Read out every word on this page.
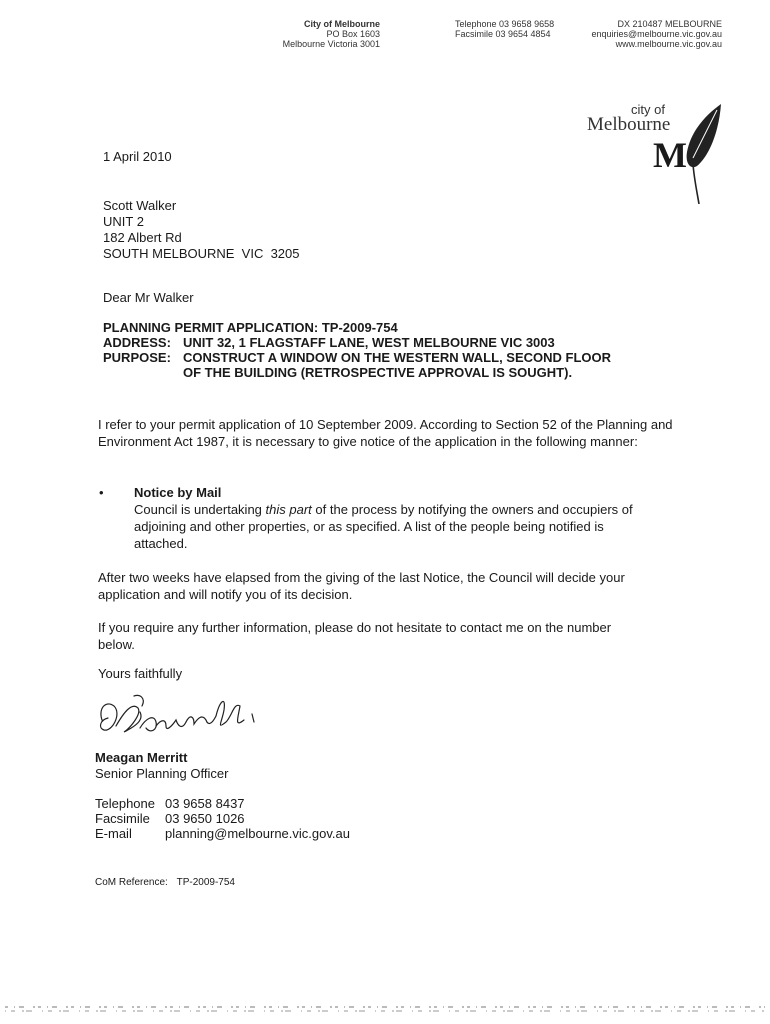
City of Melbourne
PO Box 1603
Melbourne Victoria 3001
Telephone 03 9658 9658
Facsimile 03 9654 4854
DX 210487 MELBOURNE
enquiries@melbourne.vic.gov.au
www.melbourne.vic.gov.au
city of
Melbourne
M
1 April 2010
Scott Walker
UNIT 2
182 Albert Rd
SOUTH MELBOURNE  VIC  3205
Dear Mr Walker
PLANNING PERMIT APPLICATION: TP-2009-754	
ADDRESS:	UNIT 32, 1 FLAGSTAFF LANE, WEST MELBOURNE VIC 3003
PURPOSE:	CONSTRUCT A WINDOW ON THE WESTERN WALL, SECOND FLOOR OF THE BUILDING (RETROSPECTIVE APPROVAL IS SOUGHT).
I refer to your permit application of 10 September 2009. According to Section 52 of the Planning and Environment Act 1987, it is necessary to give notice of the application in the following manner:
• Notice by Mail
Council is undertaking this part of the process by notifying the owners and occupiers of adjoining and other properties, or as specified. A list of the people being notified is attached.
After two weeks have elapsed from the giving of the last Notice, the Council will decide your application and will notify you of its decision.
If you require any further information, please do not hesitate to contact me on the number below.
Yours faithfully
Meagan Merritt
Senior Planning Officer
Telephone	03 9658 8437
Facsimile	03 9650 1026
E-mail	planning@melbourne.vic.gov.au
CoM Reference: TP-2009-754
